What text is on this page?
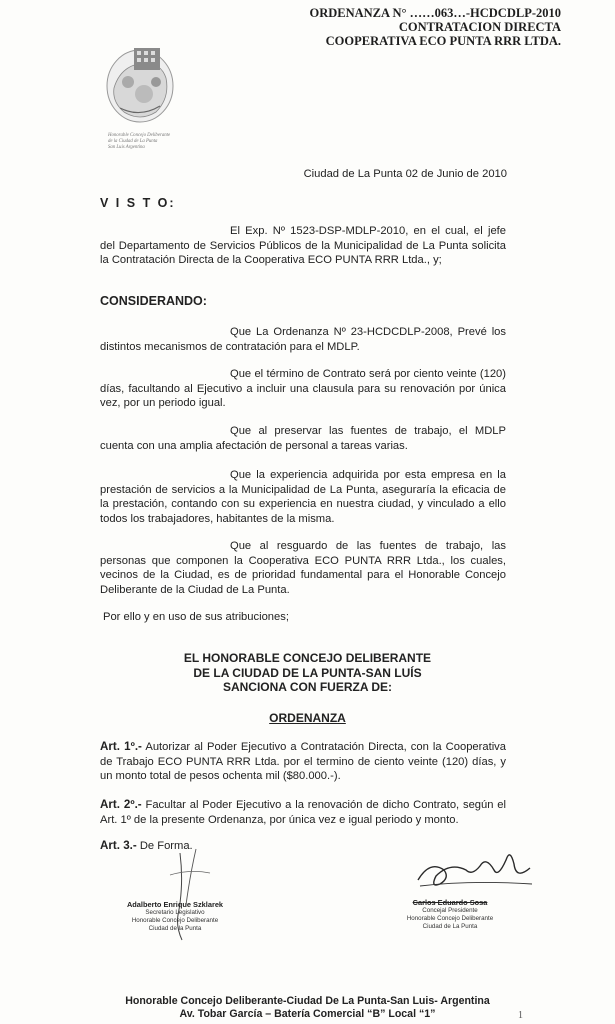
ORDENANZA N° ……063…-HCDCDLP-2010
CONTRATACION DIRECTA
COOPERATIVA ECO PUNTA RRR LTDA.
Honorable Concejo Deliberante
de la Ciudad de La Punta
San Luis Argentina
Ciudad de La Punta 02 de Junio de 2010
V I S T O:
El Exp. Nº 1523-DSP-MDLP-2010, en el cual, el jefe del Departamento de Servicios Públicos de la Municipalidad de La Punta solicita la Contratación Directa de la Cooperativa ECO PUNTA RRR Ltda., y;
CONSIDERANDO:
Que La Ordenanza Nº 23-HCDCDLP-2008, Prevé los distintos mecanismos de contratación para el MDLP.
Que el término de Contrato será por ciento veinte (120) días, facultando al Ejecutivo a incluir una clausula para su renovación por única vez, por un periodo igual.
Que al preservar las fuentes de trabajo, el MDLP cuenta con una amplia afectación de personal a tareas varias.
Que la experiencia adquirida por esta empresa en la prestación de servicios a la Municipalidad de La Punta, aseguraría la eficacia de la prestación, contando con su experiencia en nuestra ciudad, y vinculado a ello todos los trabajadores, habitantes de la misma.
Que al resguardo de las fuentes de trabajo, las personas que componen la Cooperativa ECO PUNTA RRR Ltda., los cuales, vecinos de la Ciudad, es de prioridad fundamental para el Honorable Concejo Deliberante de la Ciudad de La Punta.
Por ello y en uso de sus atribuciones;
EL HONORABLE CONCEJO DELIBERANTE
DE LA CIUDAD DE LA PUNTA-SAN LUÍS
SANCIONA CON FUERZA DE:
ORDENANZA
Art. 1º.- Autorizar al Poder Ejecutivo a Contratación Directa, con la Cooperativa de Trabajo ECO PUNTA RRR Ltda. por el termino de ciento veinte (120) días, y un monto total de pesos ochenta mil ($80.000.-).
Art. 2º.- Facultar al Poder Ejecutivo a la renovación de dicho Contrato, según el Art. 1º de la presente Ordenanza, por única vez e igual periodo y monto.
Art. 3.- De Forma.
Adalberto Enrique Szklarek
Secretario Legislativo
Honorable Concejo Deliberante
Ciudad de la Punta
Carlos Eduardo Sosa
Concejal Presidente
Honorable Concejo Deliberante
Ciudad de La Punta
Honorable Concejo Deliberante-Ciudad De La Punta-San Luis- Argentina
Av. Tobar García – Batería Comercial “B” Local “1”	1
